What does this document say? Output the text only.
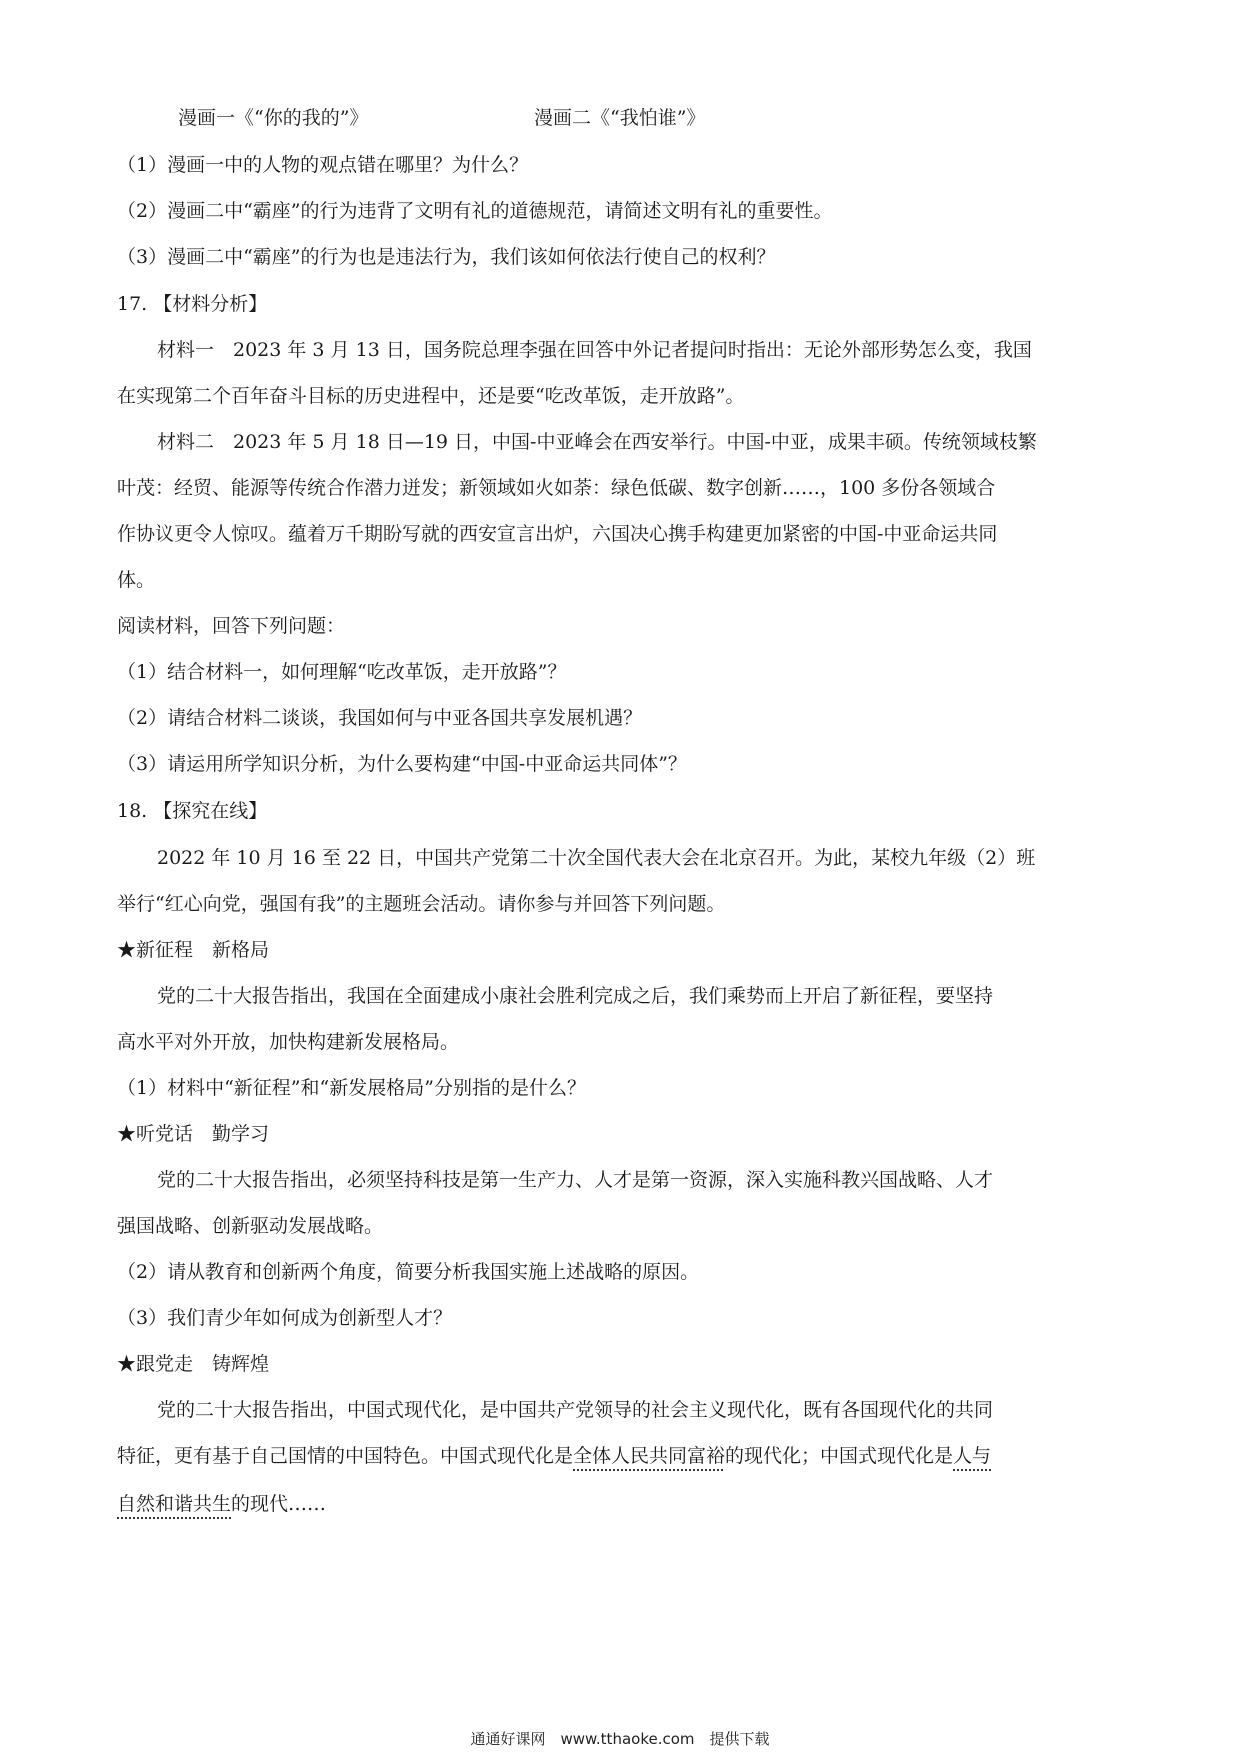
漫画一《“你的我的”》	漫画二《“我怕谁”》
（1）漫画一中的人物的观点错在哪里？为什么？
（2）漫画二中“霸座”的行为违背了文明有礼的道德规范，请简述文明有礼的重要性。
（3）漫画二中“霸座”的行为也是违法行为，我们该如何依法行使自己的权利？
17. 【材料分析】
材料一　2023 年 3 月 13 日，国务院总理李强在回答中外记者提问时指出：无论外部形势怎么变，我国
在实现第二个百年奋斗目标的历史进程中，还是要“吃改革饭，走开放路”。
材料二　2023 年 5 月 18 日—19 日，中国-中亚峰会在西安举行。中国-中亚，成果丰硕。传统领域枝繁
叶茂：经贸、能源等传统合作潜力迸发；新领域如火如荼：绿色低碳、数字创新……，100 多份各领域合
作协议更令人惊叹。蕴着万千期盼写就的西安宣言出炉，六国决心携手构建更加紧密的中国-中亚命运共同
体。
阅读材料，回答下列问题：
（1）结合材料一，如何理解“吃改革饭，走开放路”？
（2）请结合材料二谈谈，我国如何与中亚各国共享发展机遇？
（3）请运用所学知识分析，为什么要构建“中国-中亚命运共同体”？
18. 【探究在线】
2022 年 10 月 16 至 22 日，中国共产党第二十次全国代表大会在北京召开。为此，某校九年级（2）班
举行“红心向党，强国有我”的主题班会活动。请你参与并回答下列问题。
★新征程　新格局
党的二十大报告指出，我国在全面建成小康社会胜利完成之后，我们乘势而上开启了新征程，要坚持
高水平对外开放，加快构建新发展格局。
（1）材料中“新征程”和“新发展格局”分别指的是什么？
★听党话　勤学习
党的二十大报告指出，必须坚持科技是第一生产力、人才是第一资源，深入实施科教兴国战略、人才
强国战略、创新驱动发展战略。
（2）请从教育和创新两个角度，简要分析我国实施上述战略的原因。
（3）我们青少年如何成为创新型人才？
★跟党走　铸辉煌
党的二十大报告指出，中国式现代化，是中国共产党领导的社会主义现代化，既有各国现代化的共同
特征，更有基于自己国情的中国特色。中国式现代化是全体人民共同富裕的现代化；中国式现代化是人与
自然和谐共生的现代……
通通好课网　www.tthaoke.com　提供下载
